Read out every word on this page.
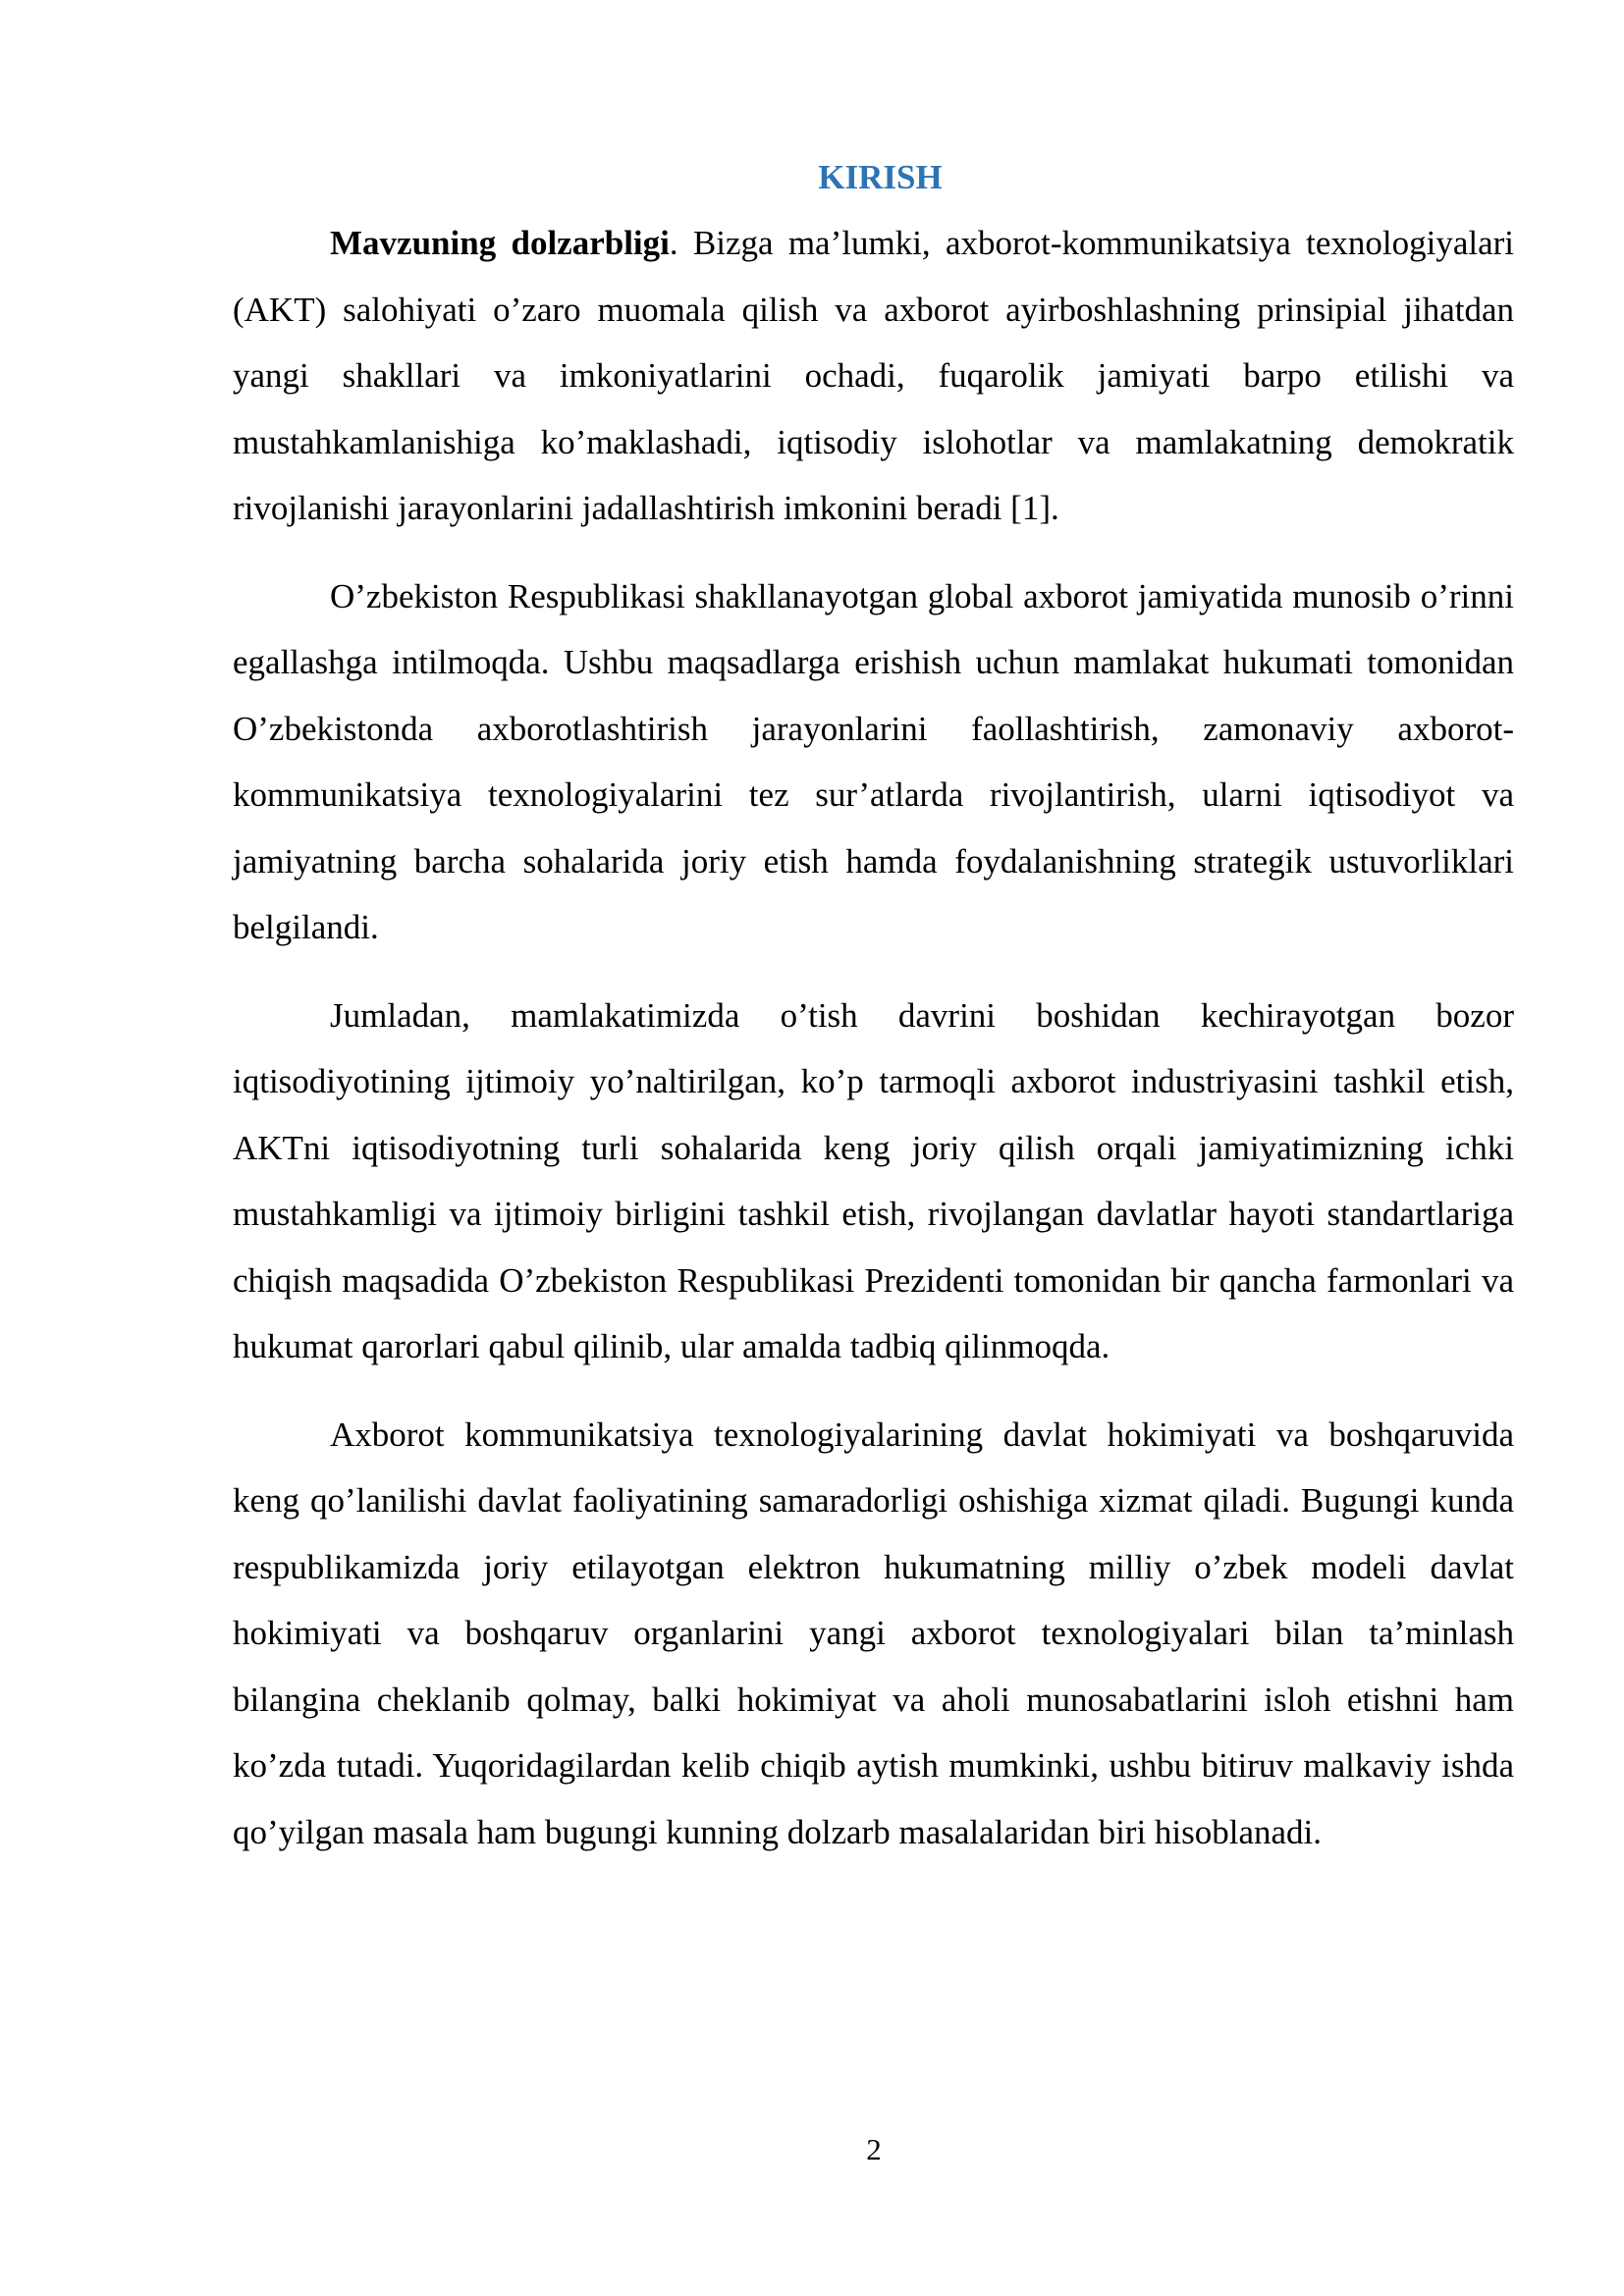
KIRISH

Mavzuning dolzarbligi. Bizga ma’lumki, axborot-kommunikatsiya texnologiyalari (AKT) salohiyati o’zaro muomala qilish va axborot ayirboshlashning prinsipial jihatdan yangi shakllari va imkoniyatlarini ochadi, fuqarolik jamiyati barpo etilishi va mustahkamlanishiga ko’maklashadi, iqtisodiy islohotlar va mamlakatning demokratik rivojlanishi jarayonlarini jadallashtirish imkonini beradi [1].

O’zbekiston Respublikasi shakllanayotgan global axborot jamiyatida munosib o’rinni egallashga intilmoqda. Ushbu maqsadlarga erishish uchun mamlakat hukumati tomonidan O’zbekistonda axborotlashtirish jarayonlarini faollashtirish, zamonaviy axborot-kommunikatsiya texnologiyalarini tez sur’atlarda rivojlantirish, ularni iqtisodiyot va jamiyatning barcha sohalarida joriy etish hamda foydalanishning strategik ustuvorliklari belgilandi.

Jumladan, mamlakatimizda o’tish davrini boshidan kechirayotgan bozor iqtisodiyotining ijtimoiy yo’naltirilgan, ko’p tarmoqli axborot industriyasini tashkil etish, AKTni iqtisodiyotning turli sohalarida keng joriy qilish orqali jamiyatimizning ichki mustahkamligi va ijtimoiy birligini tashkil etish, rivojlangan davlatlar hayoti standartlariga chiqish maqsadida O’zbekiston Respublikasi Prezidenti tomonidan bir qancha farmonlari va hukumat qarorlari qabul qilinib, ular amalda tadbiq qilinmoqda.

Axborot kommunikatsiya texnologiyalarining davlat hokimiyati va boshqaruvida keng qo’lanilishi davlat faoliyatining samaradorligi oshishiga xizmat qiladi. Bugungi kunda respublikamizda joriy etilayotgan elektron hukumatning milliy o’zbek modeli davlat hokimiyati va boshqaruv organlarini yangi axborot texnologiyalari bilan ta’minlash bilangina cheklanib qolmay, balki hokimiyat va aholi munosabatlarini isloh etishni ham ko’zda tutadi. Yuqoridagilardan kelib chiqib aytish mumkinki, ushbu bitiruv malkaviy ishda qo’yilgan masala ham bugungi kunning dolzarb masalalaridan biri hisoblanadi.

2
